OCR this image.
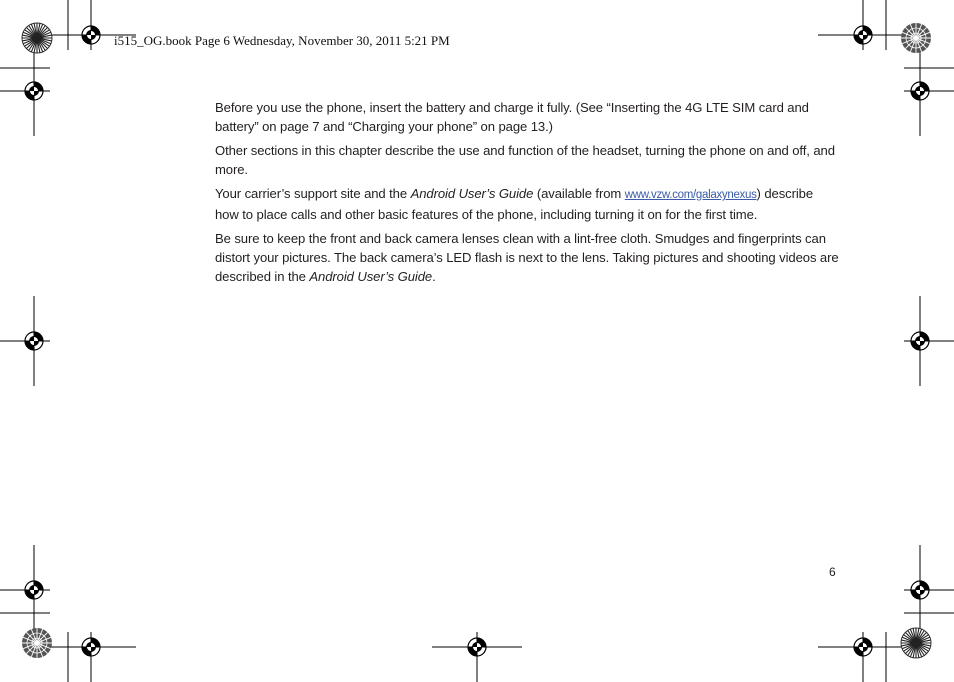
i515_OG.book Page 6 Wednesday, November 30, 2011 5:21 PM

Before you use the phone, insert the battery and charge it fully. (See “Inserting the 4G LTE SIM card and battery” on page 7 and “Charging your phone” on page 13.)

Other sections in this chapter describe the use and function of the headset, turning the phone on and off, and more.

Your carrier’s support site and the Android User’s Guide (available from www.vzw.com/galaxynexus) describe how to place calls and other basic features of the phone, including turning it on for the first time.

Be sure to keep the front and back camera lenses clean with a lint-free cloth. Smudges and fingerprints can distort your pictures. The back camera’s LED flash is next to the lens. Taking pictures and shooting videos are described in the Android User’s Guide.

6
